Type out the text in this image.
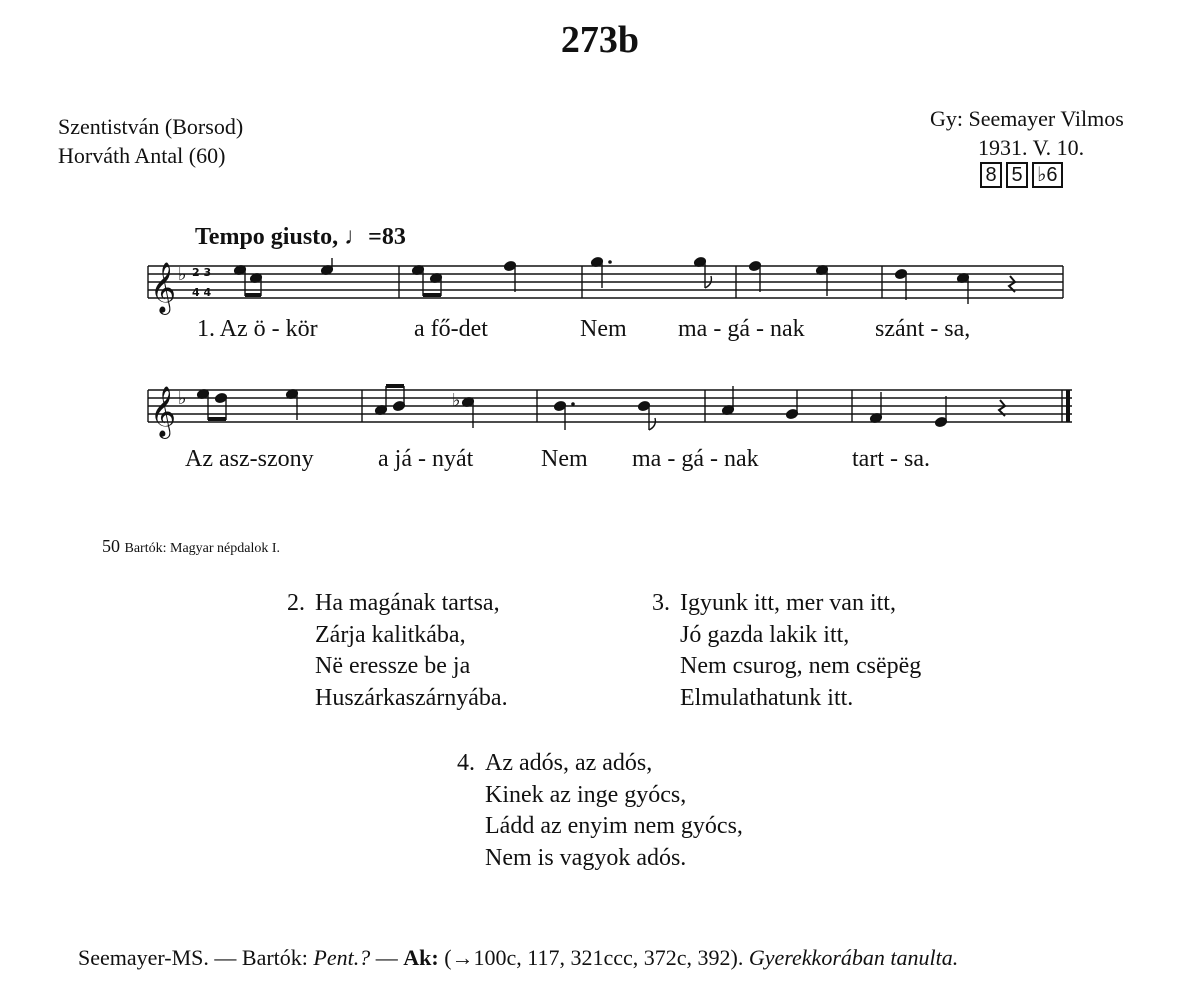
273b
Szentistván (Borsod)
Horváth Antal (60)
Gy: Seemayer Vilmos
1931. V. 10.
8 5 ♭6
Tempo giusto, ♩=83
𝄞 ♭ 2 3
4 4
𝄞 ♭	♭
1. Az ö - kör	a fő-det	Nem ma - gá - nak	szánt - sa,
Az asz-szony	a já - nyát	Nem ma - gá - nak	tart - sa.
50 Bartók: Magyar népdalok I.
2. Ha magának tartsa,
Zárja kalitkába,
Në eressze be ja
Huszárkaszárnyába.
3. Igyunk itt, mer van itt,
Jó gazda lakik itt,
Nem csurog, nem csëpëg
Elmulathatunk itt.
4. Az adós, az adós,
Kinek az inge gyócs,
Ládd az enyim nem gyócs,
Nem is vagyok adós.
Seemayer-MS. — Bartók: Pent.? — Ak: (→100c, 117, 321ccc, 372c, 392). Gyerekkorában tanulta.
